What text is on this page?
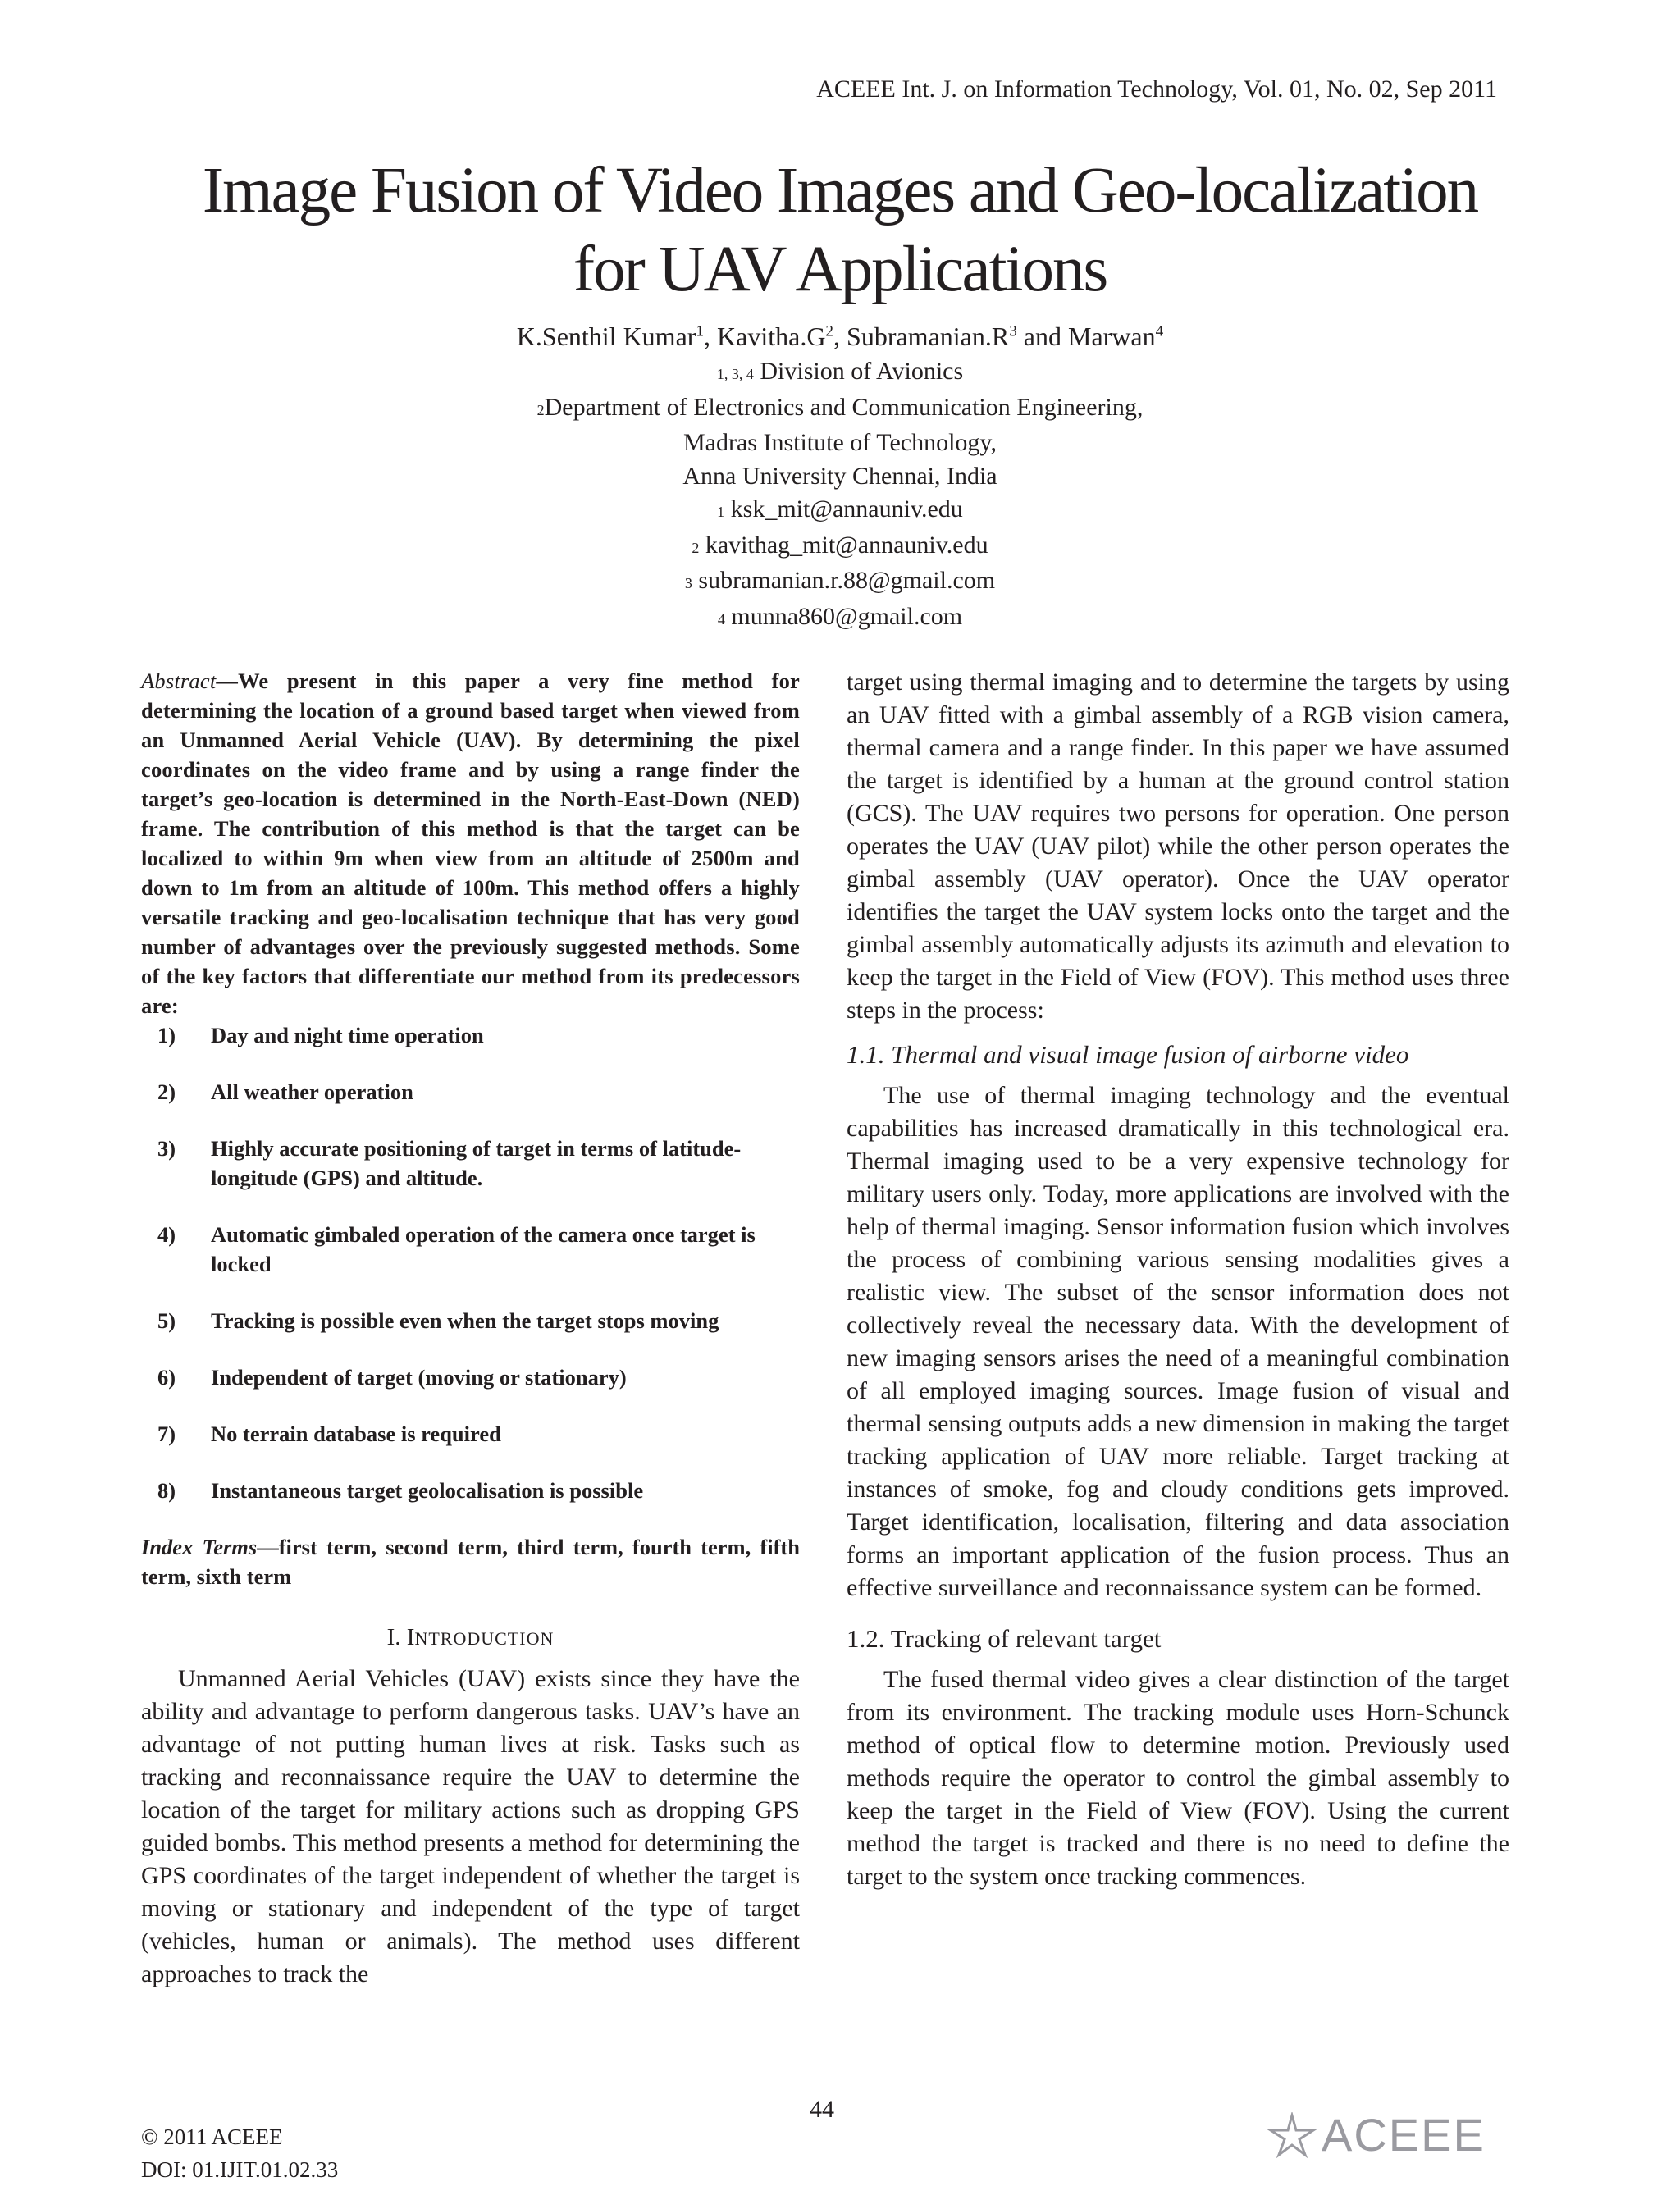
ACEEE Int. J. on Information Technology, Vol. 01, No. 02, Sep 2011
Image Fusion of Video Images and Geo-localization
for UAV Applications
K.Senthil Kumar$^1$, $Kavitha.G^2$, $Subramanian.R^3$ and Marwan$^4$
1, 3, 4 Division of Avionics
2Department of Electronics and Communication Engineering,
Madras Institute of Technology,
Anna University Chennai, India
1 ksk_mit@annauniv.edu
2 kavithag_mit@annauniv.edu
3 subramanian.r.88@gmail.com
4 munna860@gmail.com

Abstract—We present in this paper a very fine method for determining the location of a ground based target when viewed from an Unmanned Aerial Vehicle (UAV). By determining the pixel coordinates on the video frame and by using a range finder the target’s geo-location is determined in the North-East-Down (NED) frame. The contribution of this method is that the target can be localized to within 9m when view from an altitude of 2500m and down to 1m from an altitude of 100m. This method offers a highly versatile tracking and geo-localisation technique that has very good number of advantages over the previously suggested methods. Some of the key factors that differentiate our method from its predecessors are:

1)	Day and night time operation
2)	All weather operation
3)	Highly accurate positioning of target in terms of latitude-longitude (GPS) and altitude.
4)	Automatic gimbaled operation of the camera once target is locked
5)	Tracking is possible even when the target stops moving
6)	Independent of target (moving or stationary)
7)	No terrain database is required
8)	Instantaneous target geolocalisation is possible

Index Terms—first term, second term, third term, fourth term, fifth term, sixth term

I. INTRODUCTION

Unmanned Aerial Vehicles (UAV) exists since they have the ability and advantage to perform dangerous tasks. UAV’s have an advantage of not putting human lives at risk. Tasks such as tracking and reconnaissance require the UAV to determine the location of the target for military actions such as dropping GPS guided bombs. This method presents a method for determining the GPS coordinates of the target independent of whether the target is moving or stationary and independent of the type of target (vehicles, human or animals). The method uses different approaches to track the

target using thermal imaging and to determine the targets by using an UAV fitted with a gimbal assembly of a RGB vision camera, thermal camera and a range finder. In this paper we have assumed the target is identified by a human at the ground control station (GCS). The UAV requires two persons for operation. One person operates the UAV (UAV pilot) while the other person operates the gimbal assembly (UAV operator). Once the UAV operator identifies the target the UAV system locks onto the target and the gimbal assembly automatically adjusts its azimuth and elevation to keep the target in the Field of View (FOV). This method uses three steps in the process:

1.1. Thermal and visual image fusion of airborne video

The use of thermal imaging technology and the eventual capabilities has increased dramatically in this technological era. Thermal imaging used to be a very expensive technology for military users only. Today, more applications are involved with the help of thermal imaging. Sensor information fusion which involves the process of combining various sensing modalities gives a realistic view. The subset of the sensor information does not collectively reveal the necessary data. With the development of new imaging sensors arises the need of a meaningful combination of all employed imaging sources. Image fusion of visual and thermal sensing outputs adds a new dimension in making the target tracking application of UAV more reliable. Target tracking at instances of smoke, fog and cloudy conditions gets improved. Target identification, localisation, filtering and data association forms an important application of the fusion process. Thus an effective surveillance and reconnaissance system can be formed.

1.2. Tracking of relevant target

The fused thermal video gives a clear distinction of the target from its environment. The tracking module uses Horn-Schunck method of optical flow to determine motion. Previously used methods require the operator to control the gimbal assembly to keep the target in the Field of View (FOV). Using the current method the target is tracked and there is no need to define the target to the system once tracking commences.

44
© 2011 ACEEE
DOI: 01.IJIT.01.02.33
ACEEE
